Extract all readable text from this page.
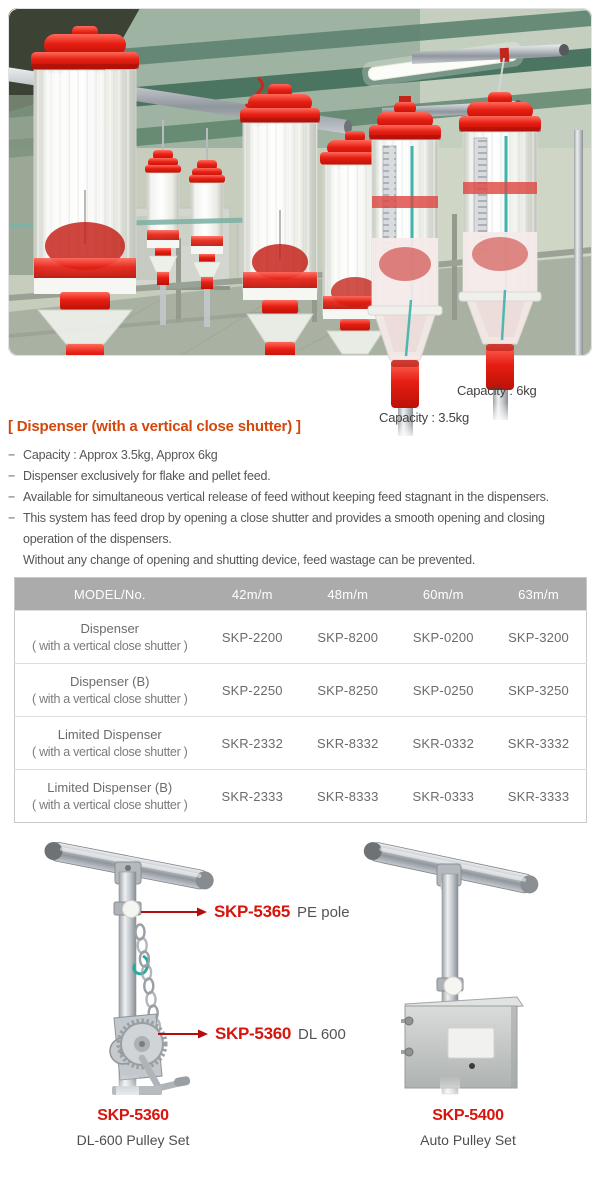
Capacity : 6kg
Capacity : 3.5kg
[ Dispenser (with a vertical close shutter) ]
− Capacity : Approx 3.5kg, Approx 6kg
− Dispenser exclusively for flake and pellet feed.
− Available for simultaneous vertical release of feed without keeping feed stagnant in the dispensers.
− This system has feed drop by opening a close shutter and provides a smooth opening and closing
operation of the dispensers.
Without any change of opening and shutting device, feed wastage can be prevented.
MODEL/No.	42m/m	48m/m	60m/m	63m/m

Dispenser
( with a vertical close shutter )	SKP-2200	SKP-8200	SKP-0200	SKP-3200

Dispenser (B)
( with a vertical close shutter )	SKP-2250	SKP-8250	SKP-0250	SKP-3250

Limited Dispenser
( with a vertical close shutter )	SKR-2332	SKR-8332	SKR-0332	SKR-3332

Limited Dispenser (B)
( with a vertical close shutter )	SKR-2333	SKR-8333	SKR-0333	SKR-3333
SKP-5365 PE pole
SKP-5360 DL 600
SKP-5360
DL-600 Pulley Set
SKP-5400
Auto Pulley Set
